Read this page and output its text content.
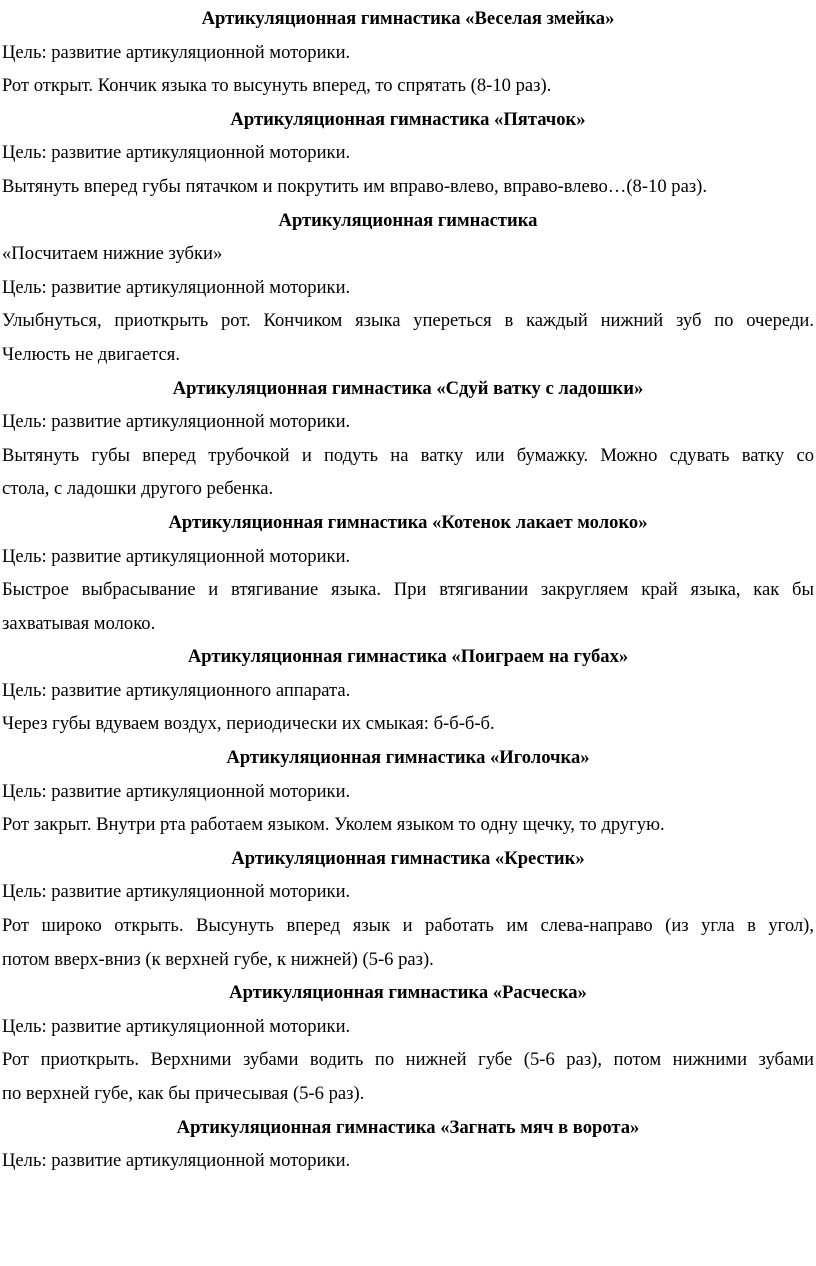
Артикуляционная гимнастика «Веселая змейка»

Цель: развитие артикуляционной моторики.

Рот открыт. Кончик языка то высунуть вперед, то спрятать (8-10 раз).

Артикуляционная гимнастика «Пятачок»

Цель: развитие артикуляционной моторики.

Вытянуть вперед губы пятачком и покрутить им вправо-влево, вправо-влево…(8-10 раз).

Артикуляционная гимнастика

«Посчитаем нижние зубки»

Цель: развитие артикуляционной моторики.

Улыбнуться, приоткрыть рот. Кончиком языка упереться в каждый нижний зуб по очереди.

Челюсть не двигается.

Артикуляционная гимнастика «Сдуй ватку с ладошки»

Цель: развитие артикуляционной моторики.

Вытянуть губы вперед трубочкой и подуть на ватку или бумажку. Можно сдувать ватку со

стола, с ладошки другого ребенка.

Артикуляционная гимнастика «Котенок лакает молоко»

Цель: развитие артикуляционной моторики.

Быстрое выбрасывание и втягивание языка. При втягивании закругляем край языка, как бы

захватывая молоко.

Артикуляционная гимнастика «Поиграем на губах»

Цель: развитие артикуляционного аппарата.

Через губы вдуваем воздух, периодически их смыкая: б-б-б-б.

Артикуляционная гимнастика «Иголочка»

Цель: развитие артикуляционной моторики.

Рот закрыт. Внутри рта работаем языком. Уколем языком то одну щечку, то другую.

Артикуляционная гимнастика «Крестик»

Цель: развитие артикуляционной моторики.

Рот широко открыть. Высунуть вперед язык и работать им слева-направо (из угла в угол),

потом вверх-вниз (к верхней губе, к нижней) (5-6 раз).

Артикуляционная гимнастика «Расческа»

Цель: развитие артикуляционной моторики.

Рот приоткрыть. Верхними зубами водить по нижней губе (5-6 раз), потом нижними зубами

по верхней губе, как бы причесывая (5-6 раз).

Артикуляционная гимнастика «Загнать мяч в ворота»

Цель: развитие артикуляционной моторики.
